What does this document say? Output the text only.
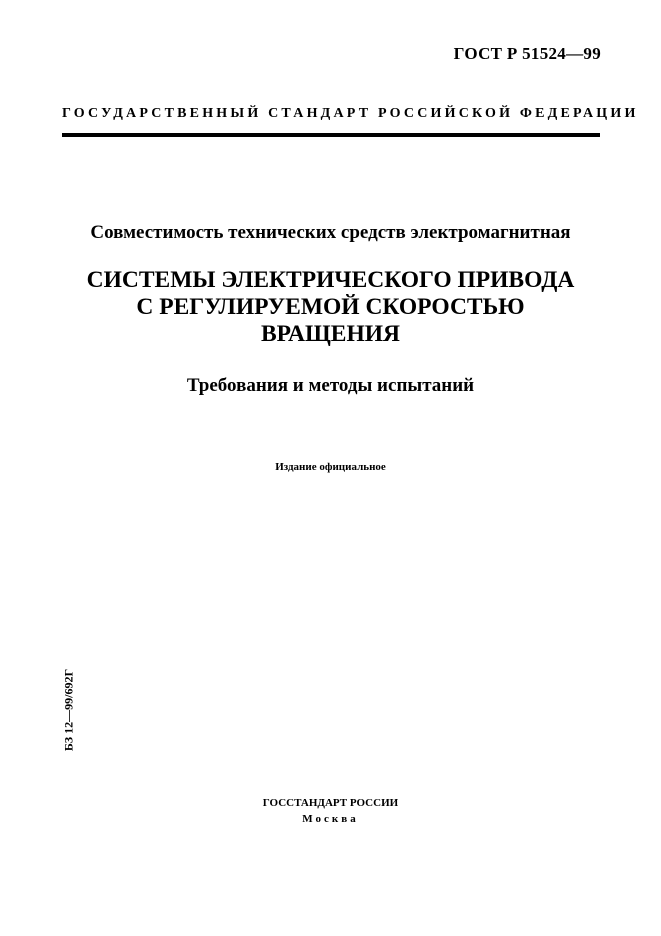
ГОСТ Р 51524—99
ГОСУДАРСТВЕННЫЙ СТАНДАРТ РОССИЙСКОЙ ФЕДЕРАЦИИ
Совместимость технических средств электромагнитная
СИСТЕМЫ ЭЛЕКТРИЧЕСКОГО ПРИВОДА
С РЕГУЛИРУЕМОЙ СКОРОСТЬЮ
ВРАЩЕНИЯ
Требования и методы испытаний
Издание официальное
БЗ 12—99/692Г
ГОССТАНДАРТ РОССИИ
Москва
